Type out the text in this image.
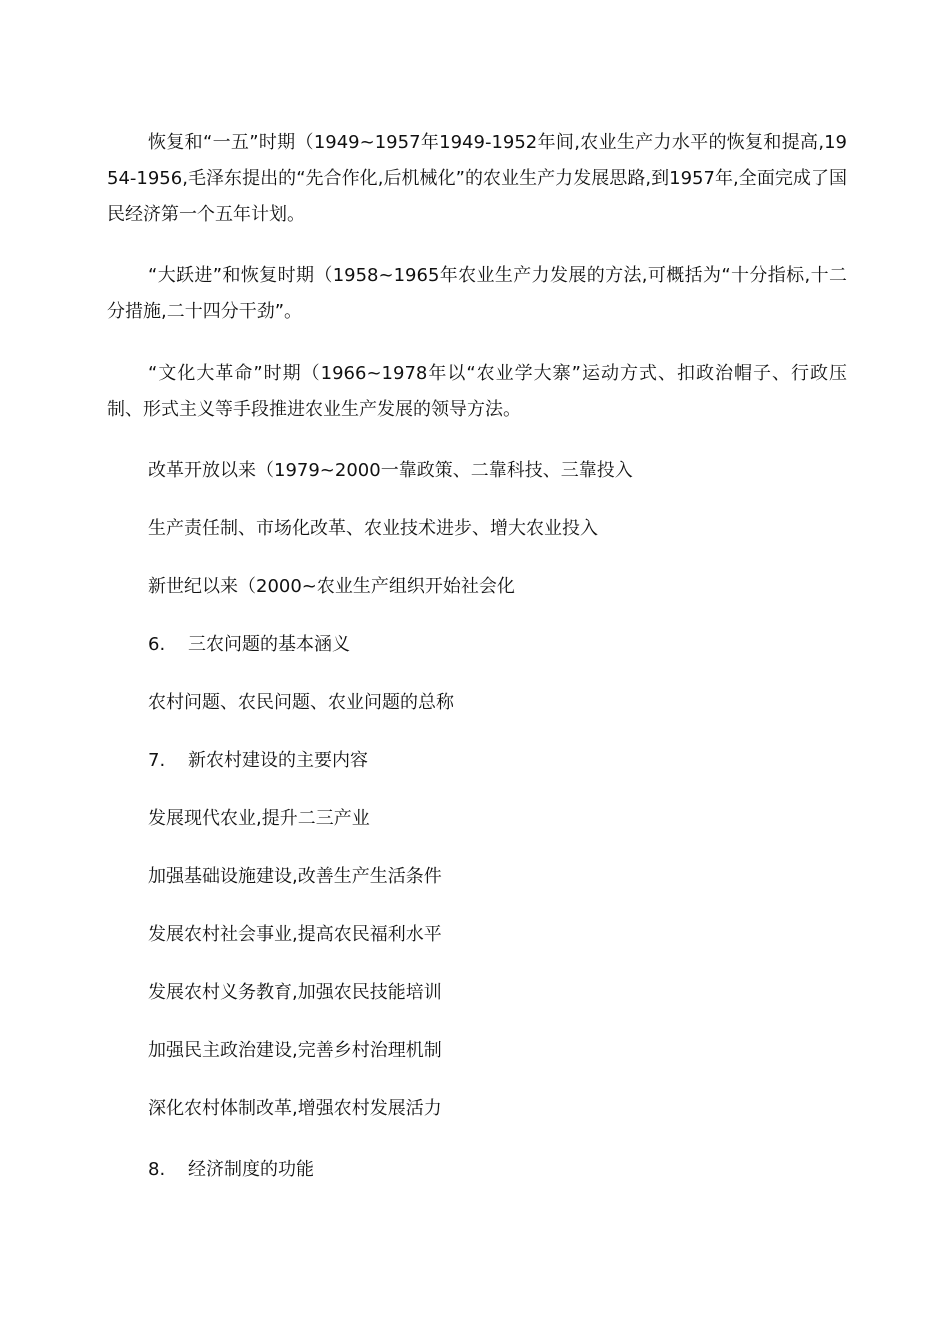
恢复和“一五”时期（1949~1957年1949-1952年间,农业生产力水平的恢复和提高,1954-1956,毛泽东提出的“先合作化,后机械化”的农业生产力发展思路,到1957年,全面完成了国民经济第一个五年计划。

“大跃进”和恢复时期（1958~1965年农业生产力发展的方法,可概括为“十分指标,十二分措施,二十四分干劲”。

“文化大革命”时期（1966~1978年以“农业学大寨”运动方式、扣政治帽子、行政压制、形式主义等手段推进农业生产发展的领导方法。

改革开放以来（1979~2000一靠政策、二靠科技、三靠投入

生产责任制、市场化改革、农业技术进步、增大农业投入

新世纪以来（2000~农业生产组织开始社会化

6. 三农问题的基本涵义

农村问题、农民问题、农业问题的总称

7. 新农村建设的主要内容

发展现代农业,提升二三产业

加强基础设施建设,改善生产生活条件

发展农村社会事业,提高农民福利水平

发展农村义务教育,加强农民技能培训

加强民主政治建设,完善乡村治理机制

深化农村体制改革,增强农村发展活力

8. 经济制度的功能
